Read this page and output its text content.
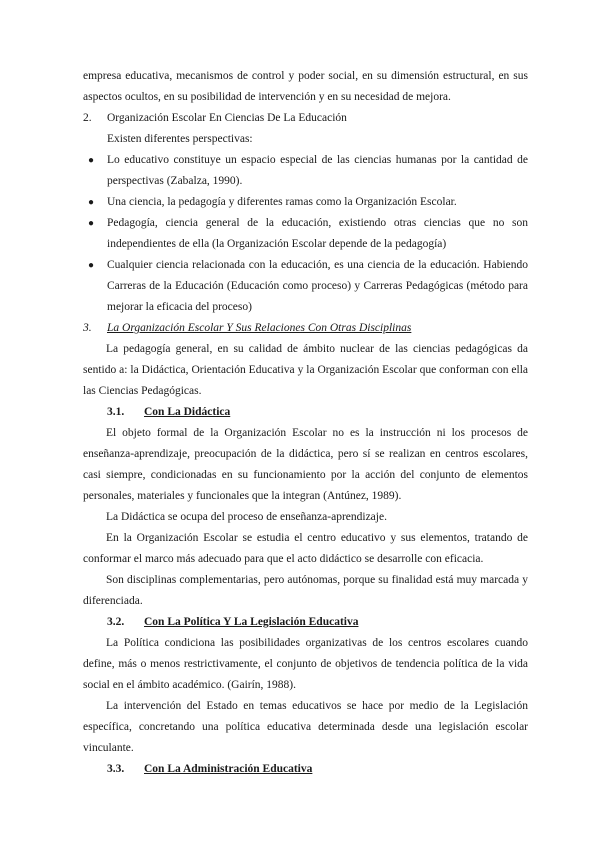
empresa educativa, mecanismos de control y poder social, en su dimensión estructural, en sus aspectos ocultos, en su posibilidad de intervención y en su necesidad de mejora.

2. Organización Escolar En Ciencias De La Educación

Existen diferentes perspectivas:

● Lo educativo constituye un espacio especial de las ciencias humanas por la cantidad de perspectivas (Zabalza, 1990).

● Una ciencia, la pedagogía y diferentes ramas como la Organización Escolar.

● Pedagogía, ciencia general de la educación, existiendo otras ciencias que no son independientes de ella (la Organización Escolar depende de la pedagogía)

● Cualquier ciencia relacionada con la educación, es una ciencia de la educación. Habiendo Carreras de la Educación (Educación como proceso) y Carreras Pedagógicas (método para mejorar la eficacia del proceso)

3. La Organización Escolar Y Sus Relaciones Con Otras Disciplinas

La pedagogía general, en su calidad de ámbito nuclear de las ciencias pedagógicas da sentido a: la Didáctica, Orientación Educativa y la Organización Escolar que conforman con ella las Ciencias Pedagógicas.

3.1. Con La Didáctica

El objeto formal de la Organización Escolar no es la instrucción ni los procesos de enseñanza-aprendizaje, preocupación de la didáctica, pero sí se realizan en centros escolares, casi siempre, condicionadas en su funcionamiento por la acción del conjunto de elementos personales, materiales y funcionales que la integran (Antúnez, 1989).

La Didáctica se ocupa del proceso de enseñanza-aprendizaje.

En la Organización Escolar se estudia el centro educativo y sus elementos, tratando de conformar el marco más adecuado para que el acto didáctico se desarrolle con eficacia.

Son disciplinas complementarias, pero autónomas, porque su finalidad está muy marcada y diferenciada.

3.2. Con La Política Y La Legislación Educativa

La Política condiciona las posibilidades organizativas de los centros escolares cuando define, más o menos restrictivamente, el conjunto de objetivos de tendencia política de la vida social en el ámbito académico. (Gairín, 1988).

La intervención del Estado en temas educativos se hace por medio de la Legislación específica, concretando una política educativa determinada desde una legislación escolar vinculante.

3.3. Con La Administración Educativa
